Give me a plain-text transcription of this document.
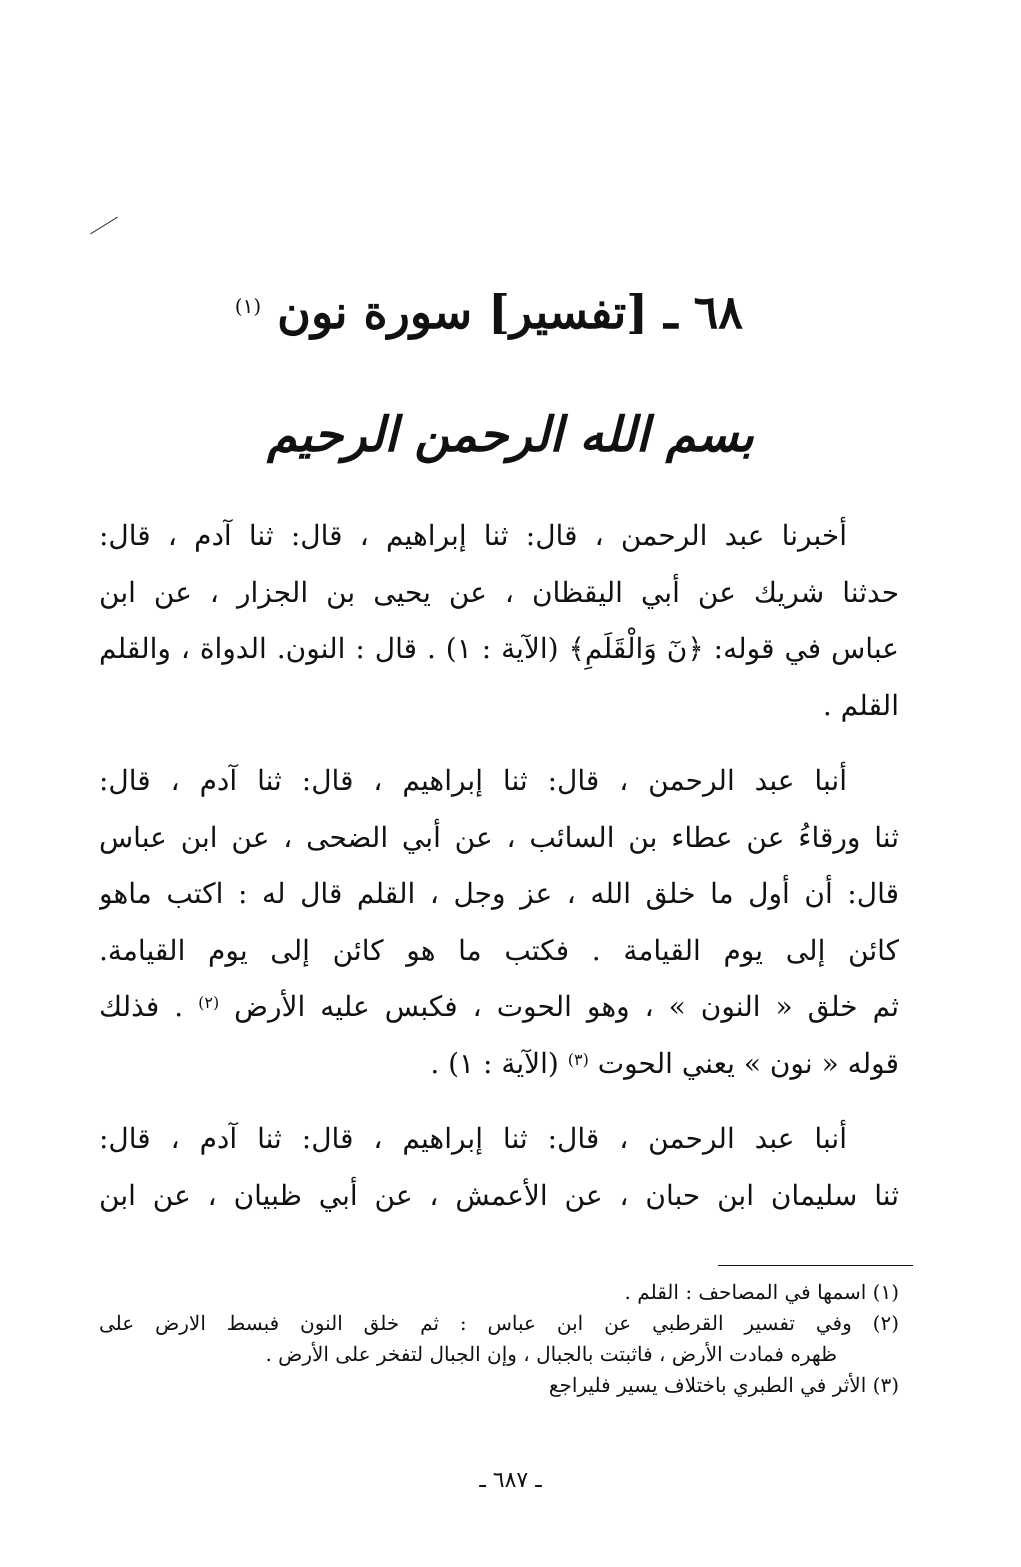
٦٨ ـ [تفسير] سورة نون $^{(١)}$
بسم الله الرحمن الرحيم
أخبرنا عبد الرحمن ، قال: ثنا إبراهيم ، قال: ثنا آدم ، قال:
حدثنا شريك عن أبي اليقظان ، عن يحيى بن الجزار ، عن ابن
عباس في قوله: ﴿نٓ وَالْقَلَمِ﴾ (الآية : ١) . قال : النون. الدواة ، والقلم
القلم .
أنبا عبد الرحمن ، قال: ثنا إبراهيم ، قال: ثنا آدم ، قال:
ثنا ورقاءُ عن عطاء بن السائب ، عن أبي الضحى ، عن ابن عباس
قال: أن أول ما خلق الله ، عز وجل ، القلم قال له : اكتب ماهو
كائن إلى يوم القيامة . فكتب ما هو كائن إلى يوم القيامة.
ثم خلق « النون » ، وهو الحوت ، فكبس عليه الأرض $^{(٢)}$ . فذلك
قوله « نون » يعني الحوت $^{(٣)}$ (الآية : ١) .
أنبا عبد الرحمن ، قال: ثنا إبراهيم ، قال: ثنا آدم ، قال:
ثنا سليمان ابن حبان ، عن الأعمش ، عن أبي ظبيان ، عن ابن
(١) اسمها في المصاحف : القلم .
(٢) وفي تفسير القرطبي عن ابن عباس : ثم خلق النون فبسط الارض على
ظهره فمادت الأرض ، فاثبتت بالجبال ، وإن الجبال لتفخر على الأرض .
(٣) الأثر في الطبري باختلاف يسير فليراجع
ـ ٦٨٧ ـ
